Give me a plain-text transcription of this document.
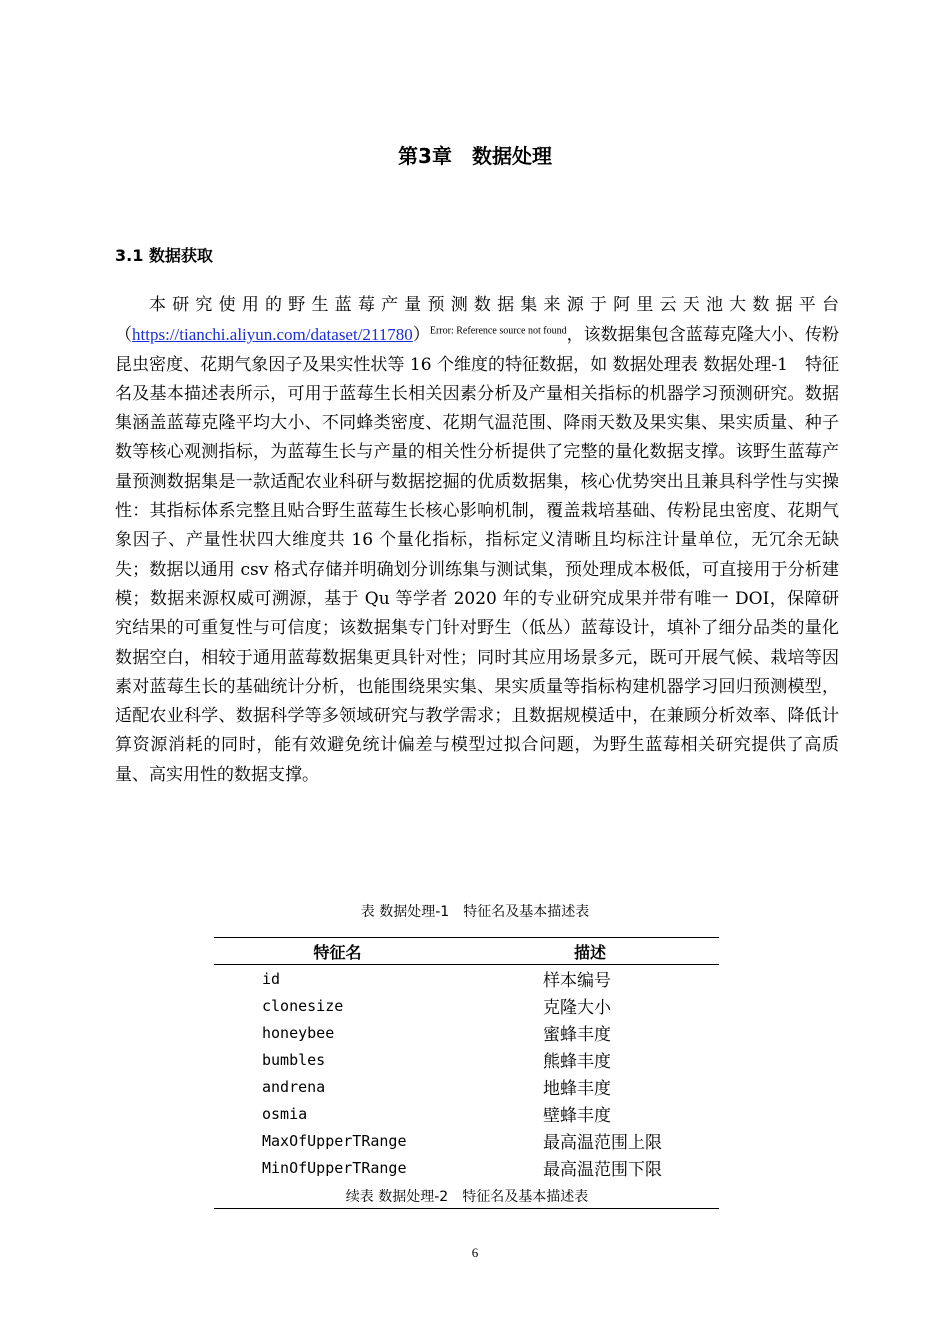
第3章　数据处理
3.1 数据获取

本研究使用的野生蓝莓产量预测数据集来源于阿里云天池大数据平台（https://tianchi.aliyun.com/dataset/211780）$^{Error: Reference source not found}$，该数据集包含蓝莓克隆大小、传粉昆虫密度、花期气象因子及果实性状等 16 个维度的特征数据，如 数据处理表 数据处理-1　特征名及基本描述表所示，可用于蓝莓生长相关因素分析及产量相关指标的机器学习预测研究。数据集涵盖蓝莓克隆平均大小、不同蜂类密度、花期气温范围、降雨天数及果实集、果实质量、种子数等核心观测指标，为蓝莓生长与产量的相关性分析提供了完整的量化数据支撑。该野生蓝莓产量预测数据集是一款适配农业科研与数据挖掘的优质数据集，核心优势突出且兼具科学性与实操性：其指标体系完整且贴合野生蓝莓生长核心影响机制，覆盖栽培基础、传粉昆虫密度、花期气象因子、产量性状四大维度共 16 个量化指标，指标定义清晰且均标注计量单位，无冗余无缺失；数据以通用 csv 格式存储并明确划分训练集与测试集，预处理成本极低，可直接用于分析建模；数据来源权威可溯源，基于 Qu 等学者 2020 年的专业研究成果并带有唯一 DOI，保障研究结果的可重复性与可信度；该数据集专门针对野生（低丛）蓝莓设计，填补了细分品类的量化数据空白，相较于通用蓝莓数据集更具针对性；同时其应用场景多元，既可开展气候、栽培等因素对蓝莓生长的基础统计分析，也能围绕果实集、果实质量等指标构建机器学习回归预测模型，适配农业科学、数据科学等多领域研究与教学需求；且数据规模适中，在兼顾分析效率、降低计算资源消耗的同时，能有效避免统计偏差与模型过拟合问题，为野生蓝莓相关研究提供了高质量、高实用性的数据支撑。

表 数据处理-1　特征名及基本描述表
特征名	描述
id	样本编号
clonesize	克隆大小
honeybee	蜜蜂丰度
bumbles	熊蜂丰度
andrena	地蜂丰度
osmia	壁蜂丰度
MaxOfUpperTRange	最高温范围上限
MinOfUpperTRange	最高温范围下限
续表 数据处理-2　特征名及基本描述表
6
